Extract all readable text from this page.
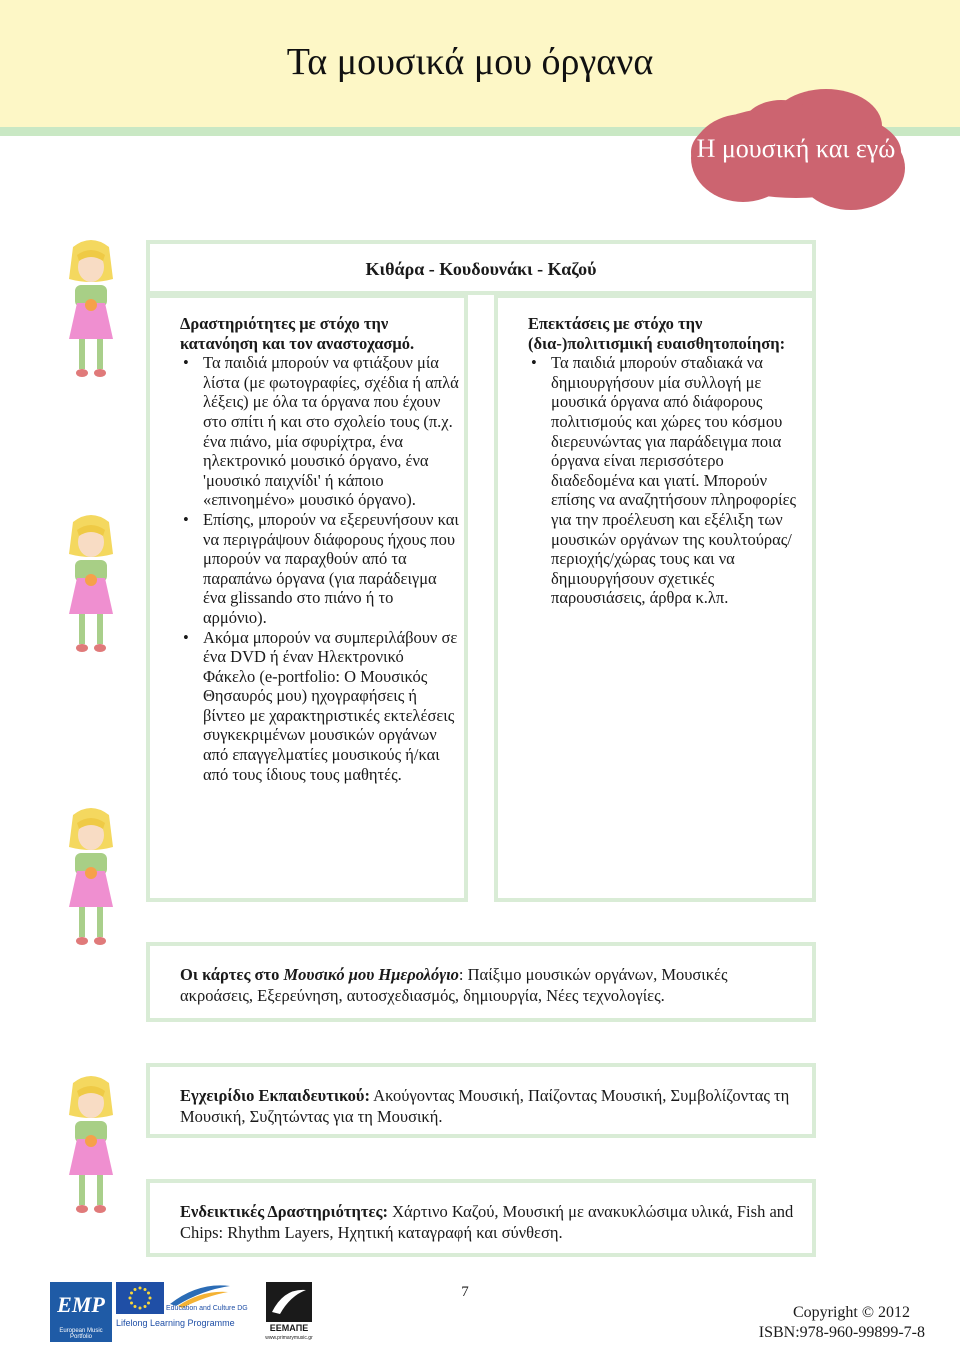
Τα μουσικά μου όργανα
Η μουσική και εγώ
Κιθάρα - Κουδουνάκι - Καζού

Δραστηριότητες με στόχο την κατανόηση και τον αναστοχασμό.

• Τα παιδιά μπορούν να φτιάξουν μία λίστα (με φωτογραφίες, σχέδια ή απλά λέξεις) με όλα τα όργανα που έχουν στο σπίτι ή και στο σχολείο τους (π.χ. ένα πιάνο, μία σφυρίχτρα, ένα ηλεκτρονικό μουσικό όργανο, ένα 'μουσικό παιχνίδι' ή κάποιο «επινοημένο» μουσικό όργανο).
• Επίσης, μπορούν να εξερευνήσουν και να περιγράψουν διάφορους ήχους που μπορούν να παραχθούν από τα παραπάνω όργανα (για παράδειγμα ένα glissando στο πιάνο ή το αρμόνιο).
• Ακόμα μπορούν να συμπεριλάβουν σε ένα DVD ή έναν Ηλεκτρονικό Φάκελο (e-portfolio: Ο Μουσικός Θησαυρός μου) ηχογραφήσεις ή βίντεο με χαρακτηριστικές εκτελέσεις συγκεκριμένων μουσικών οργάνων από επαγγελματίες μουσικούς ή/και από τους ίδιους τους μαθητές.

Επεκτάσεις με στόχο την (δια-)πολιτισμική ευαισθητοποίηση:

• Τα παιδιά μπορούν σταδιακά να δημιουργήσουν μία συλλογή με μουσικά όργανα από διάφορους πολιτισμούς και χώρες του κόσμου διερευνώντας για παράδειγμα ποια όργανα είναι περισσότερο διαδεδομένα και γιατί. Μπορούν επίσης να αναζητήσουν πληροφορίες για την προέλευση και εξέλιξη των μουσικών οργάνων της κουλτούρας/περιοχής/χώρας τους και να δημιουργήσουν σχετικές παρουσιάσεις, άρθρα κ.λπ.
Οι κάρτες στο Μουσικό μου Ημερολόγιο: Παίξιμο μουσικών οργάνων, Μουσικές ακροάσεις, Εξερεύνηση, αυτοσχεδιασμός, δημιουργία, Νέες τεχνολογίες.
Εγχειρίδιο Εκπαιδευτικού: Ακούγοντας Μουσική, Παίζοντας Μουσική, Συμβολίζοντας τη Μουσική, Συζητώντας για τη Μουσική.
Ενδεικτικές Δραστηριότητες: Χάρτινο Καζού, Μουσική με ανακυκλώσιμα υλικά, Fish and Chips: Rhythm Layers, Ηχητική καταγραφή και σύνθεση.
EMP
European Music Portfolio
Education and Culture DG
Lifelong Learning Programme	ΕΕΜΑΠΕ
www.primarymusic.gr
7
Copyright © 2012
ISBN:978-960-99899-7-8
